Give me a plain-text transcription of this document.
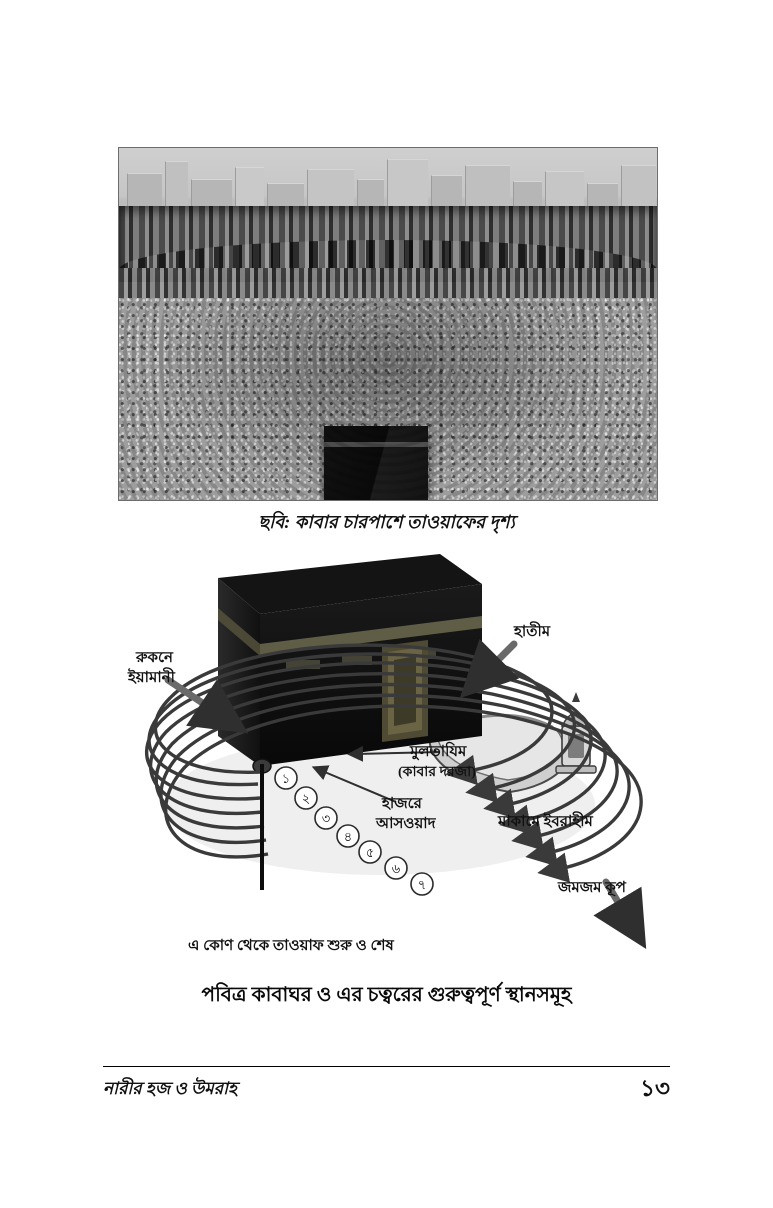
ছবি: কাবার চারপাশে তাওয়াফের দৃশ্য
১
২
৩
৪
৫
৬
৭
রুকনে
ইয়ামানী
হাতীম
মুলতাযিম
(কাবার দরজা)
হাজরে
আসওয়াদ	মাকামে ইবরাহীম
জমজম কূপ
এ কোণ থেকে তাওয়াফ শুরু ও শেষ
পবিত্র কাবাঘর ও এর চত্বরের গুরুত্বপূর্ণ স্থানসমূহ
নারীর হজ ও উমরাহ	১৩
